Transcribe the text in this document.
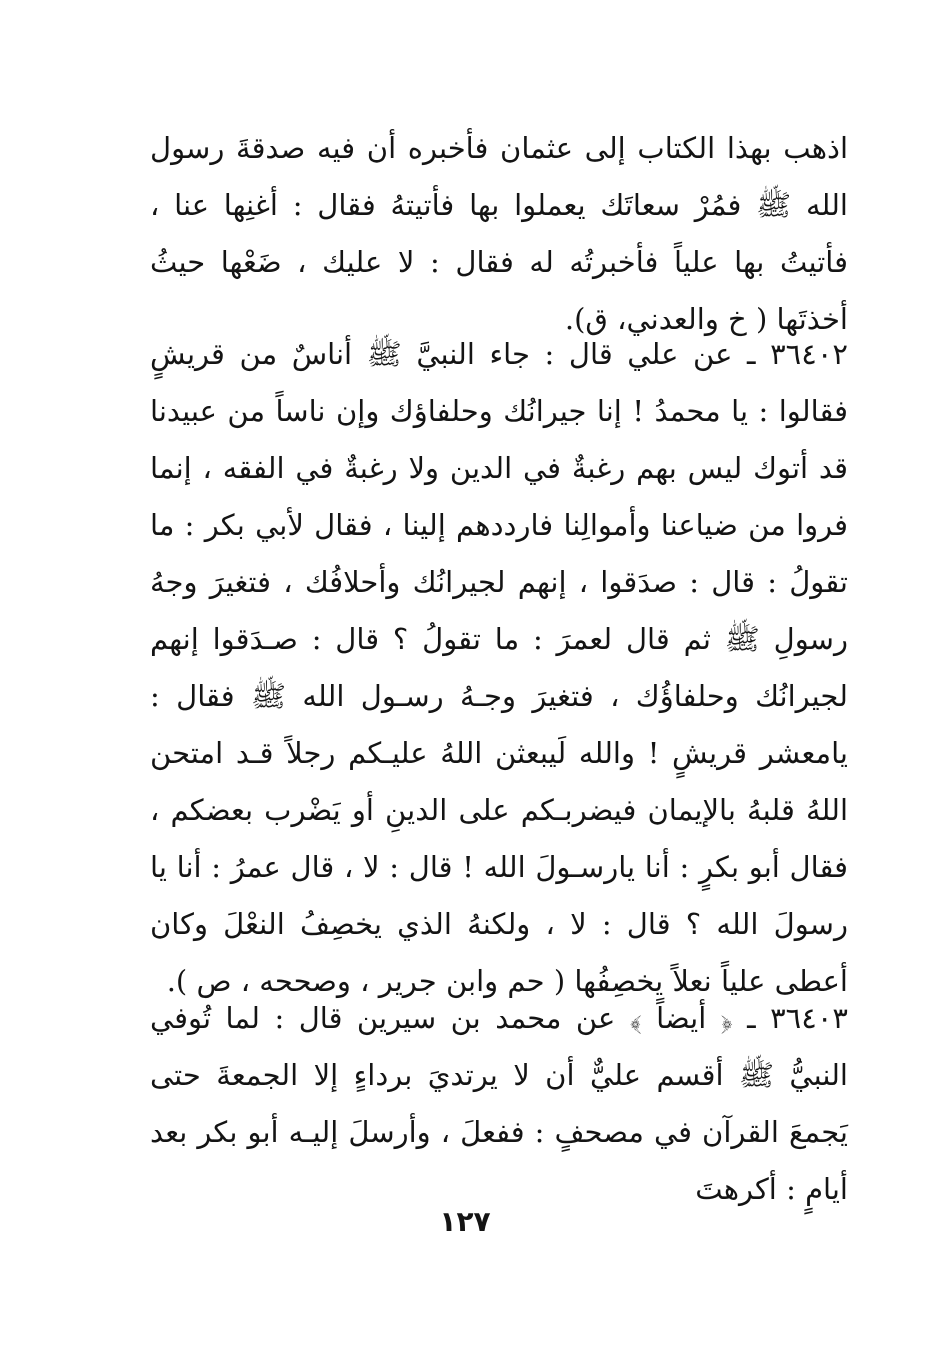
اذهب بهذا الكتاب إلى عثمان فأخبره أن فيه صدقةَ رسول الله ﷺ فمُرْ سعاتَك يعملوا بها فأتيتهُ فقال : أغنِها عنا ، فأتيتُ بها علياً فأخبرتُه له فقال : لا عليك ، ضَعْها حيثُ أخذتَها ( خ والعدني، ق).

٣٦٤٠٢ ـ عن علي قال : جاء النبيَّ ﷺ أناسٌ من قريشٍ فقالوا : يا محمدُ ! إنا جيرانُك وحلفاؤك وإن ناساً من عبيدنا قد أتوك ليس بهم رغبةٌ في الدين ولا رغبةٌ في الفقه ، إنما فروا من ضياعنا وأموالِنا فارددهم إلينا ، فقال لأبي بكر : ما تقولُ : قال : صدَقوا ، إنهم لجيرانُك وأحلافُك ، فتغيرَ وجهُ رسولِ ﷺ ثم قال لعمرَ : ما تقولُ ؟ قال : صـدَقوا إنهم لجيرانُك وحلفاؤُك ، فتغيرَ وجـهُ رسـول الله ﷺ فقال : يامعشر قريشٍ ! والله لَيبعثن اللهُ عليـكم رجلاً قـد امتحن اللهُ قلبهُ بالإيمان فيضربـكم على الدينِ أو يَضْرب بعضكم ، فقال أبو بكرٍ : أنا يارسـولَ الله ! قال : لا ، قال عمرُ : أنا يا رسولَ الله ؟ قال : لا ، ولكنهُ الذي يخصِفُ النعْلَ وكان أعطى علياً نعلاً يخصِفُها ( حم وابن جرير ، وصححه ، ص ).

٣٦٤٠٣ ـ ﴿ أيضاً ﴾ عن محمد بن سيرين قال : لما تُوفي النبيُّ ﷺ أقسم عليٌّ أن لا يرتديَ برداءٍ إلا الجمعةَ حتى يَجمعَ القرآن في مصحفٍ : ففعلَ ، وأرسلَ إليـه أبو بكر بعد أيامٍ : أكرهتَ

١٢٧
